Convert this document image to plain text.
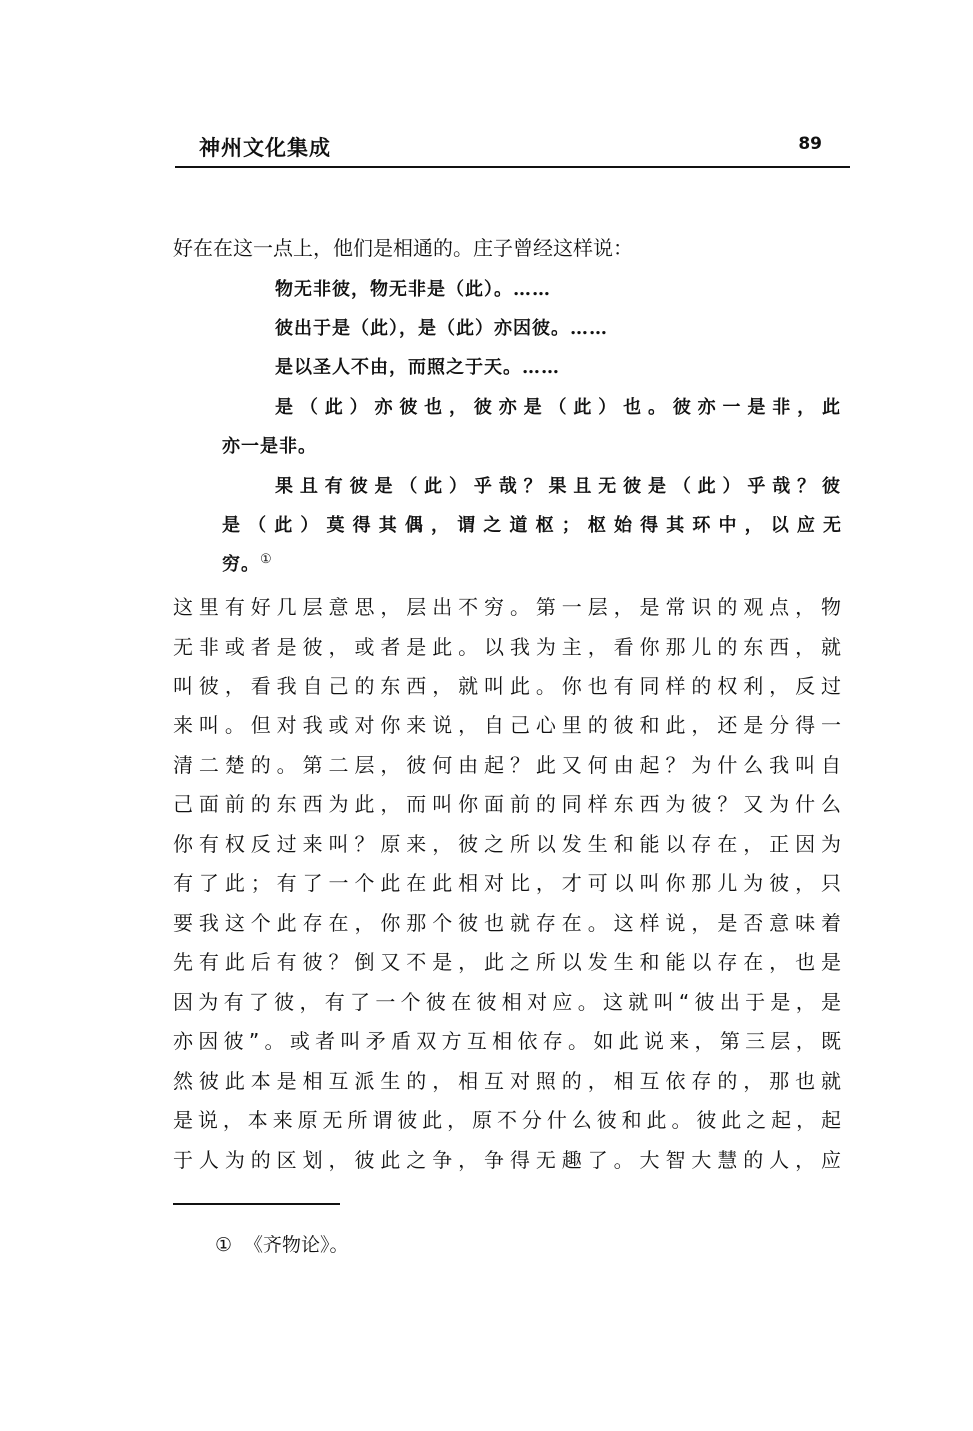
神州文化集成	89
好在在这一点上，他们是相通的。庄子曾经这样说：
物无非彼，物无非是（此）。……
彼出于是（此），是（此）亦因彼。……
是以圣人不由，而照之于天。……
是（此）亦彼也，彼亦是（此）也。彼亦一是非，此
亦一是非。
果且有彼是（此）乎哉？果且无彼是（此）乎哉？彼
是（此）莫得其偶，谓之道枢；枢始得其环中，以应无
穷。①
这里有好几层意思，层出不穷。第一层，是常识的观点，物
无非或者是彼，或者是此。以我为主，看你那儿的东西，就
叫彼，看我自己的东西，就叫此。你也有同样的权利，反过
来叫。但对我或对你来说，自己心里的彼和此，还是分得一
清二楚的。第二层，彼何由起？此又何由起？为什么我叫自
己面前的东西为此，而叫你面前的同样东西为彼？又为什么
你有权反过来叫？原来，彼之所以发生和能以存在，正因为
有了此；有了一个此在此相对比，才可以叫你那儿为彼，只
要我这个此存在，你那个彼也就存在。这样说，是否意味着
先有此后有彼？倒又不是，此之所以发生和能以存在，也是
因为有了彼，有了一个彼在彼相对应。这就叫“彼出于是，是
亦因彼”。或者叫矛盾双方互相依存。如此说来，第三层，既
然彼此本是相互派生的，相互对照的，相互依存的，那也就
是说，本来原无所谓彼此，原不分什么彼和此。彼此之起，起
于人为的区划，彼此之争，争得无趣了。大智大慧的人，应
① 《齐物论》。
